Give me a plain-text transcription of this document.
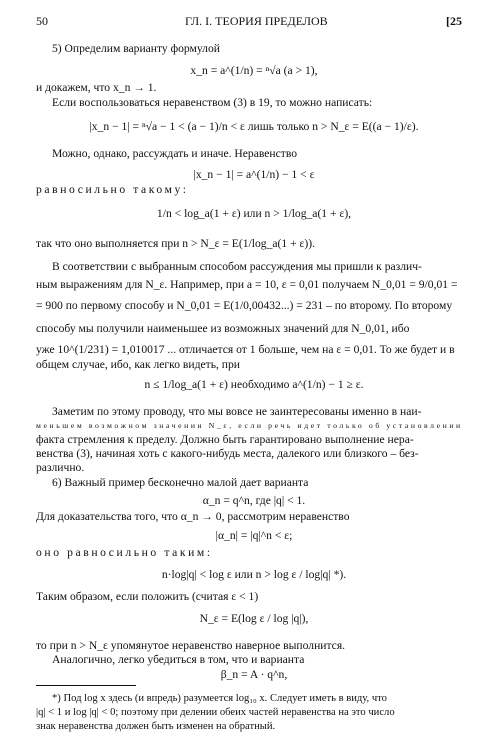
50	ГЛ. I. ТЕОРИЯ ПРЕДЕЛОВ	[25
5) Определим варианту формулой
x_n = a^(1/n) = ⁿ√a (a > 1),
и докажем, что x_n → 1.
Если воспользоваться неравенством (3) в 19, то можно написать:
|x_n − 1| = ⁿ√a − 1 < (a − 1)/n < ε лишь только n > N_ε = E((a − 1)/ε).
Можно, однако, рассуждать и иначе. Неравенство
|x_n − 1| = a^(1/n) − 1 < ε
равносильно такому:
1/n < log_a(1 + ε) или n > 1/log_a(1 + ε),
так что оно выполняется при n > N_ε = E(1/log_a(1 + ε)).
В соответствии с выбранным способом рассуждения мы пришли к различ-
ным выражениям для N_ε. Например, при a = 10, ε = 0,01 получаем N_0,01 = 9/0,01 =
= 900 по первому способу и N_0,01 = E(1/0,00432...) = 231 – по второму. По второму
способу мы получили наименьшее из возможных значений для N_0,01, ибо
уже 10^(1/231) = 1,010017 ... отличается от 1 больше, чем на ε = 0,01. То же будет и в
общем случае, ибо, как легко видеть, при
n ≤ 1/log_a(1 + ε) необходимо a^(1/n) − 1 ≥ ε.
Заметим по этому проводу, что мы вовсе не заинтересованы именно в наи-
меньшем возможном значении N_ε, если речь идет только об установлении
факта стремления к пределу. Должно быть гарантировано выполнение нера-
венства (3), начиная хоть с какого-нибудь места, далекого или близкого – без-
различно.
6) Важный пример бесконечно малой дает варианта
α_n = q^n, где |q| < 1.
Для доказательства того, что α_n → 0, рассмотрим неравенство
|α_n| = |q|^n < ε;
оно равносильно таким:
n·log|q| < log ε или n > log ε / log|q| *).
Таким образом, если положить (считая ε < 1)
N_ε = E(log ε / log |q|),
то при n > N_ε упомянутое неравенство наверное выполнится.
Аналогично, легко убедиться в том, что и варианта
β_n = A · q^n,
*) Под log x здесь (и впредь) разумеется log₁₀ x. Следует иметь в виду, что
|q| < 1 и log |q| < 0; поэтому при делении обеих частей неравенства на это число
знак неравенства должен быть изменен на обратный.
